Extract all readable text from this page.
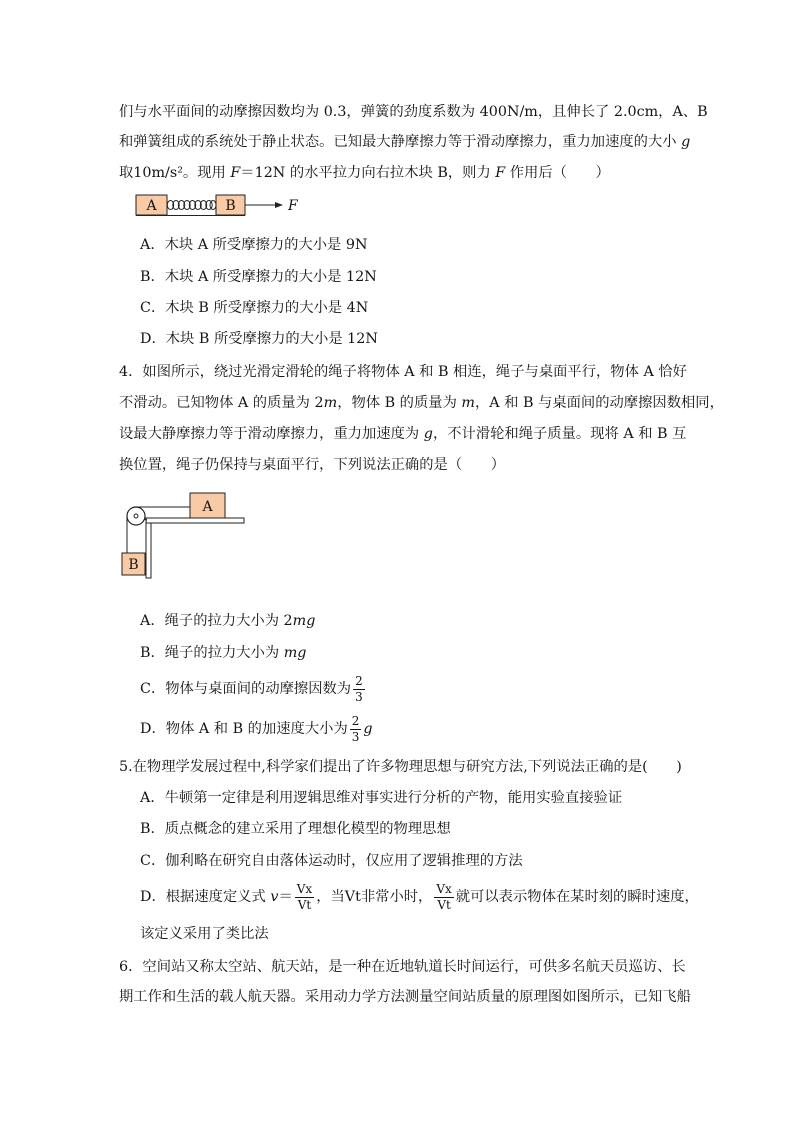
们与水平面间的动摩擦因数均为 0.3，弹簧的劲度系数为 400N/m，且伸长了 2.0cm，A、B
和弹簧组成的系统处于静止状态。已知最大静摩擦力等于滑动摩擦力，重力加速度的大小 g
取10m/s²。现用 F＝12N 的水平拉力向右拉木块 B，则力 F 作用后（　　）
A	B	F
A．木块 A 所受摩擦力的大小是 9N
B．木块 A 所受摩擦力的大小是 12N
C．木块 B 所受摩擦力的大小是 4N
D．木块 B 所受摩擦力的大小是 12N
4．如图所示，绕过光滑定滑轮的绳子将物体 A 和 B 相连，绳子与桌面平行，物体 A 恰好
不滑动。已知物体 A 的质量为 2m，物体 B 的质量为 m，A 和 B 与桌面间的动摩擦因数相同，
设最大静摩擦力等于滑动摩擦力，重力加速度为 g，不计滑轮和绳子质量。现将 A 和 B 互
换位置，绳子仍保持与桌面平行，下列说法正确的是（　　）
A
B
A．绳子的拉力大小为 2mg
B．绳子的拉力大小为 mg
C．物体与桌面间的动摩擦因数为 $\frac{2}{3}$
D．物体 A 和 B 的加速度大小为 $\frac{2}{3}$ g
5.在物理学发展过程中,科学家们提出了许多物理思想与研究方法,下列说法正确的是(　　)
A．牛顿第一定律是利用逻辑思维对事实进行分析的产物，能用实验直接验证
B．质点概念的建立采用了理想化模型的物理思想
C．伽利略在研究自由落体运动时，仅应用了逻辑推理的方法
D．根据速度定义式 $v= \frac{Vx}{Vt}$ ，当Vt非常小时， $\frac{Vx}{Vt}$ 就可以表示物体在某时刻的瞬时速度，
该定义采用了类比法
6．空间站又称太空站、航天站，是一种在近地轨道长时间运行，可供多名航天员巡访、长
期工作和生活的载人航天器。采用动力学方法测量空间站质量的原理图如图所示，已知飞船
